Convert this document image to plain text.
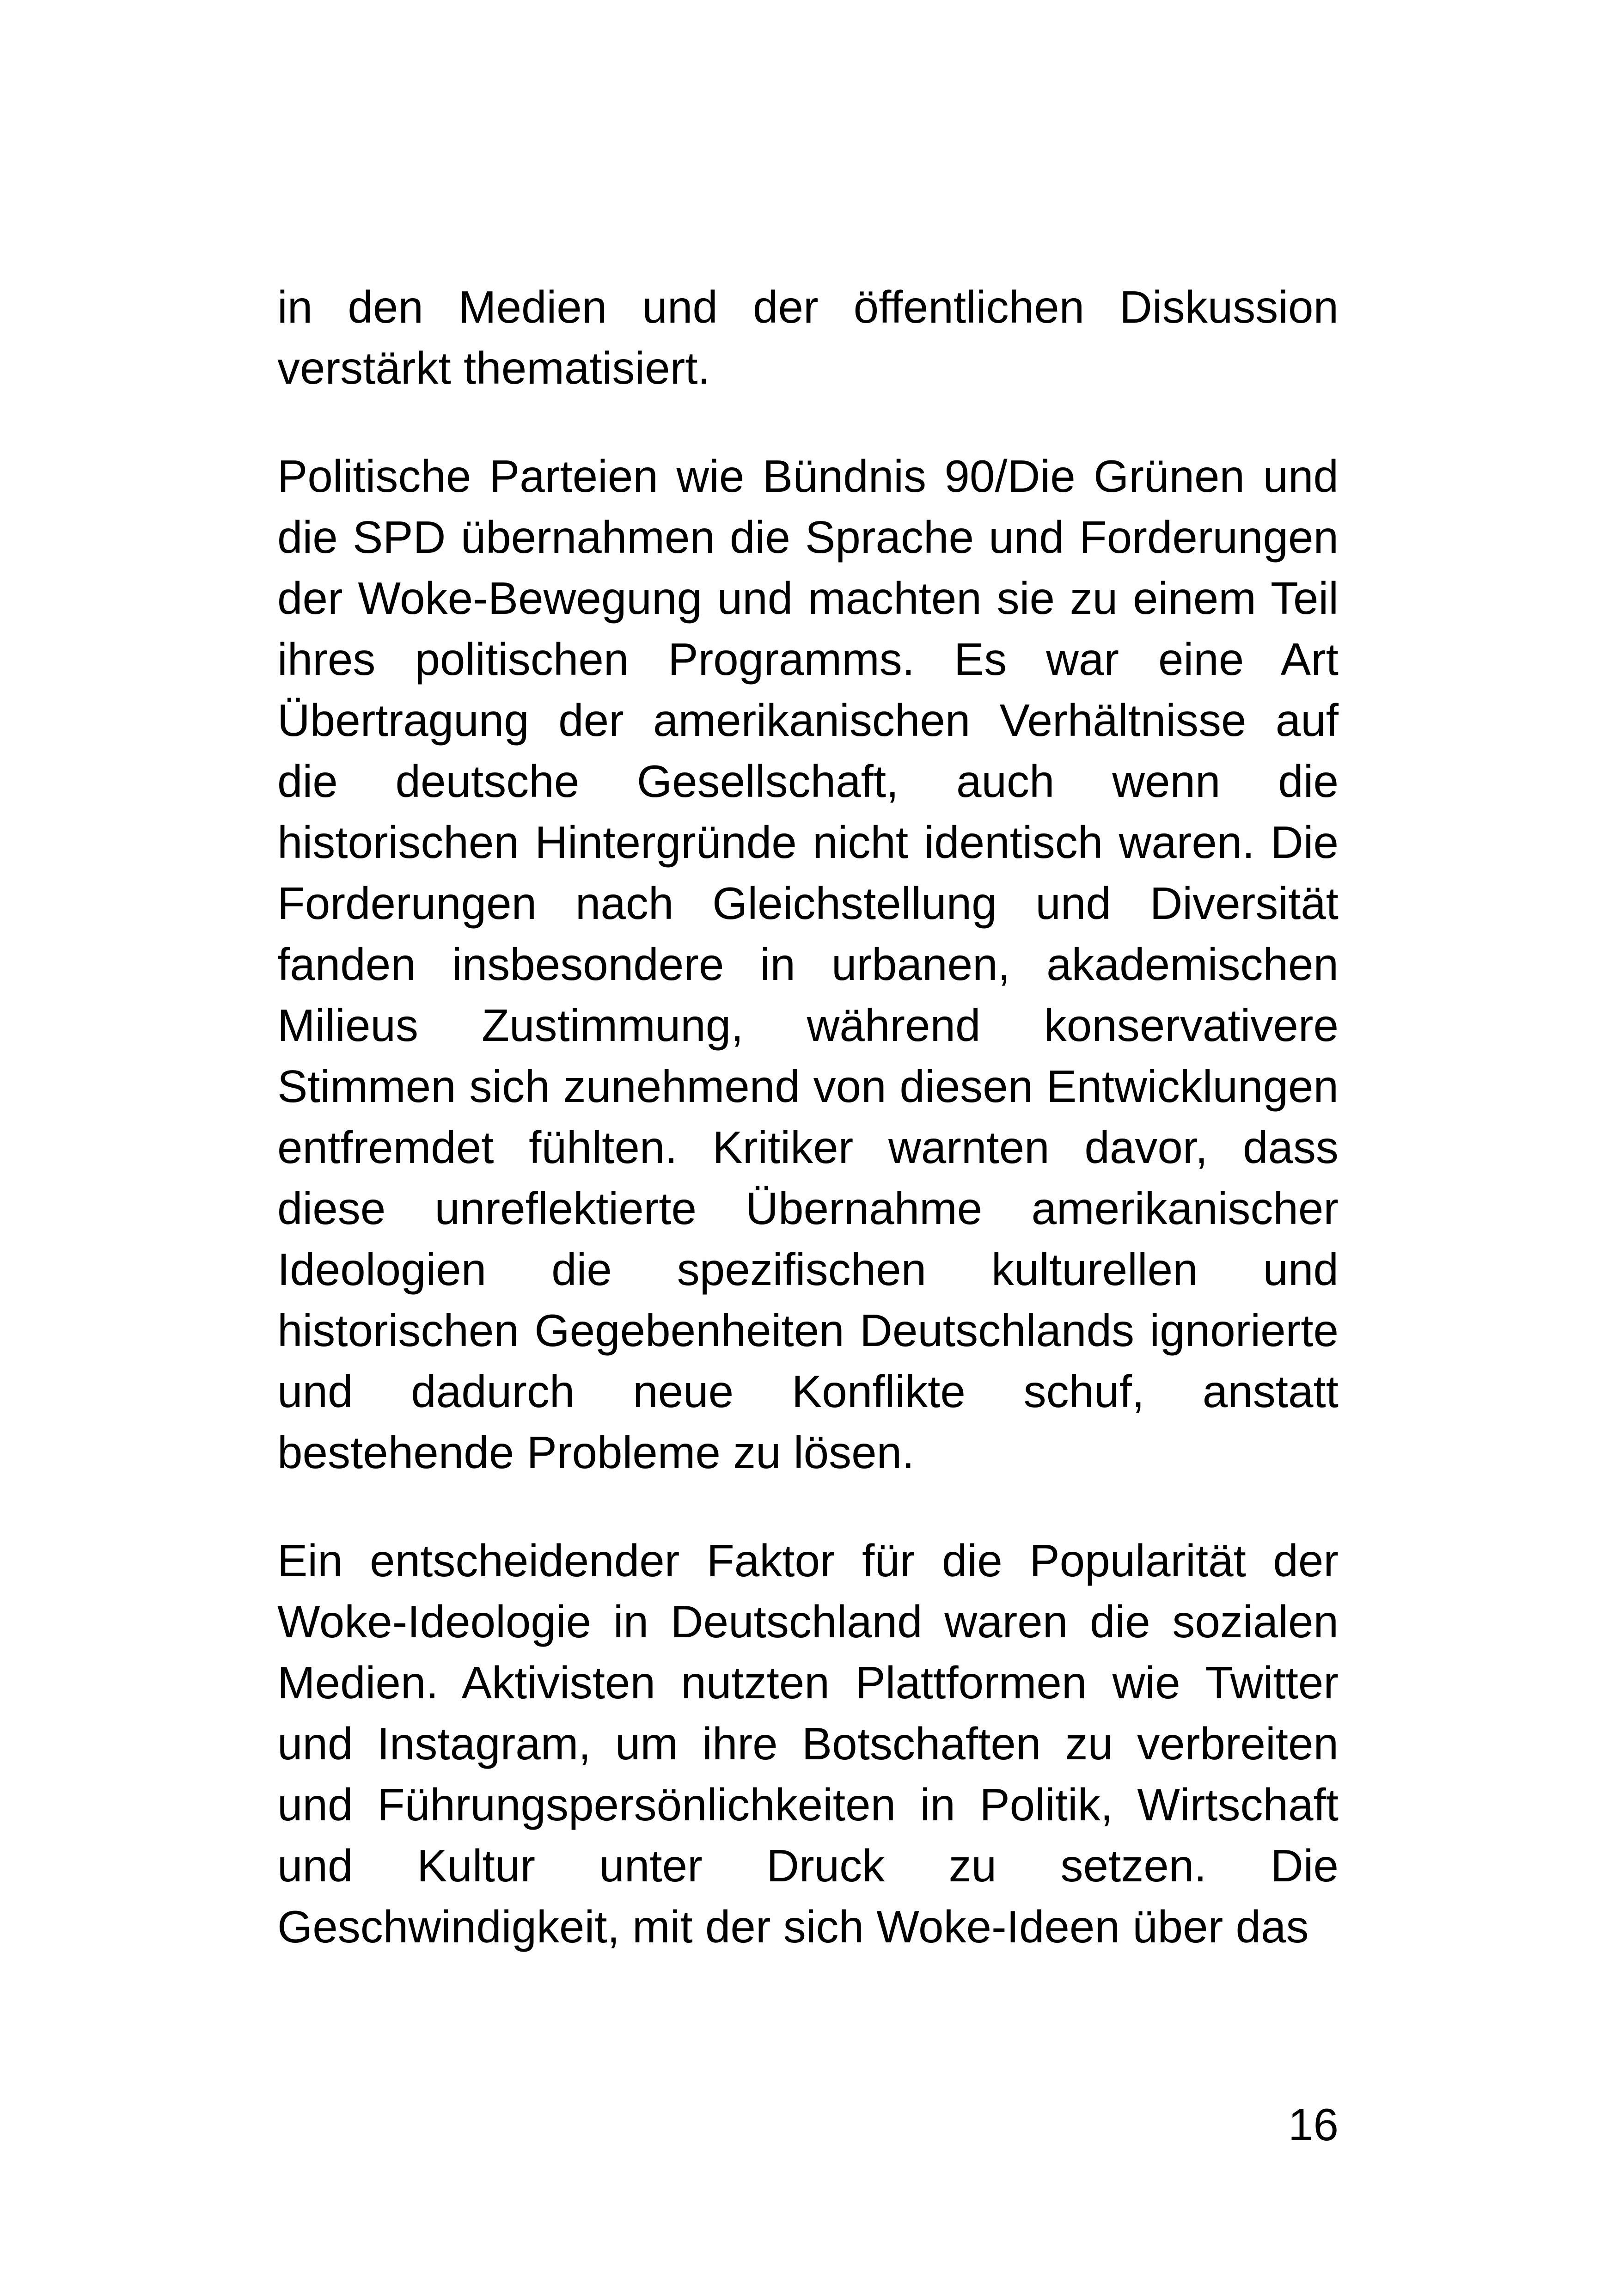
in den Medien und der öffentlichen Diskussion verstärkt thematisiert.

Politische Parteien wie Bündnis 90/Die Grünen und die SPD übernahmen die Sprache und Forderungen der Woke-Bewegung und machten sie zu einem Teil ihres politischen Programms. Es war eine Art Übertragung der amerikanischen Verhältnisse auf die deutsche Gesellschaft, auch wenn die historischen Hintergründe nicht identisch waren. Die Forderungen nach Gleichstellung und Diversität fanden insbesondere in urbanen, akademischen Milieus Zustimmung, während konservativere Stimmen sich zunehmend von diesen Entwicklungen entfremdet fühlten. Kritiker warnten davor, dass diese unreflektierte Übernahme amerikanischer Ideologien die spezifischen kulturellen und historischen Gegebenheiten Deutschlands ignorierte und dadurch neue Konflikte schuf, anstatt bestehende Probleme zu lösen.

Ein entscheidender Faktor für die Popularität der Woke-Ideologie in Deutschland waren die sozialen Medien. Aktivisten nutzten Plattformen wie Twitter und Instagram, um ihre Botschaften zu verbreiten und Führungspersönlichkeiten in Politik, Wirtschaft und Kultur unter Druck zu setzen. Die Geschwindigkeit, mit der sich Woke-Ideen über das

16
